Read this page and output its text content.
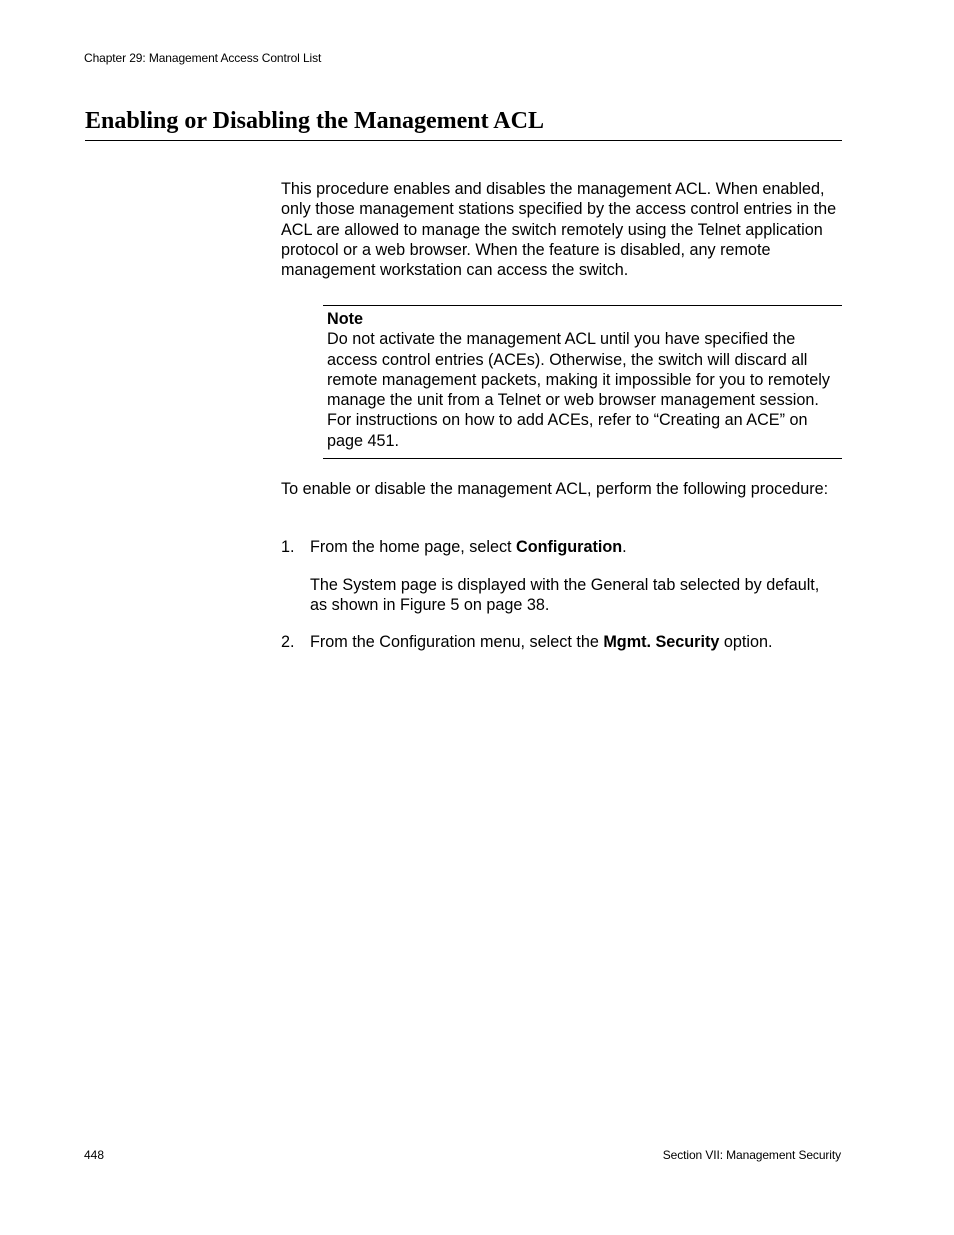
Chapter 29: Management Access Control List
Enabling or Disabling the Management ACL

This procedure enables and disables the management ACL. When enabled, only those management stations specified by the access control entries in the ACL are allowed to manage the switch remotely using the Telnet application protocol or a web browser. When the feature is disabled, any remote management workstation can access the switch.

Note

Do not activate the management ACL until you have specified the access control entries (ACEs). Otherwise, the switch will discard all remote management packets, making it impossible for you to remotely manage the unit from a Telnet or web browser management session. For instructions on how to add ACEs, refer to “Creating an ACE” on page 451.

To enable or disable the management ACL, perform the following procedure:

1. From the home page, select Configuration.

The System page is displayed with the General tab selected by default, as shown in Figure 5 on page 38.

2. From the Configuration menu, select the Mgmt. Security option.
448	Section VII: Management Security
